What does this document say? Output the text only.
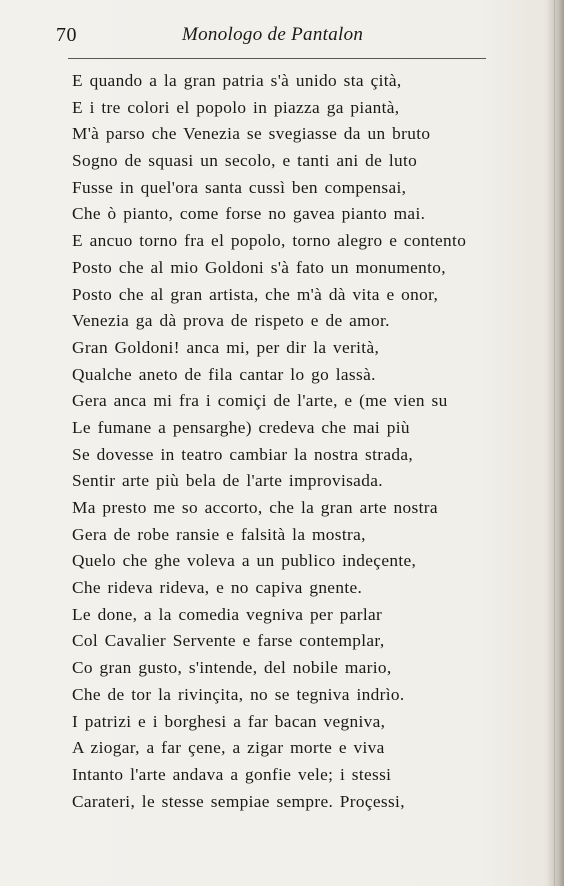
70	Monologo de Pantalon
E quando a la gran patria s'à unido sta çità,
E i tre colori el popolo in piazza ga piantà,
M'à parso che Venezia se svegiasse da un bruto
Sogno de squasi un secolo, e tanti ani de luto
Fusse in quel'ora santa cussì ben compensai,
Che ò pianto, come forse no gavea pianto mai.
E ancuo torno fra el popolo, torno alegro e contento
Posto che al mio Goldoni s'à fato un monumento,
Posto che al gran artista, che m'à dà vita e onor,
Venezia ga dà prova de rispeto e de amor.
Gran Goldoni! anca mi, per dir la verità,
Qualche aneto de fila cantar lo go lassà.
Gera anca mi fra i comiçi de l'arte, e (me vien su
Le fumane a pensarghe) credeva che mai più
Se dovesse in teatro cambiar la nostra strada,
Sentir arte più bela de l'arte improvisada.
Ma presto me so accorto, che la gran arte nostra
Gera de robe ransie e falsità la mostra,
Quelo che ghe voleva a un publico indeçente,
Che rideva rideva, e no capiva gnente.
Le done, a la comedia vegniva per parlar
Col Cavalier Servente e farse contemplar,
Co gran gusto, s'intende, del nobile mario,
Che de tor la rivinçita, no se tegniva indrìo.
I patrizi e i borghesi a far bacan vegniva,
A ziogar, a far çene, a zigar morte e viva
Intanto l'arte andava a gonfie vele; i stessi
Carateri, le stesse sempiae sempre. Proçessi,
